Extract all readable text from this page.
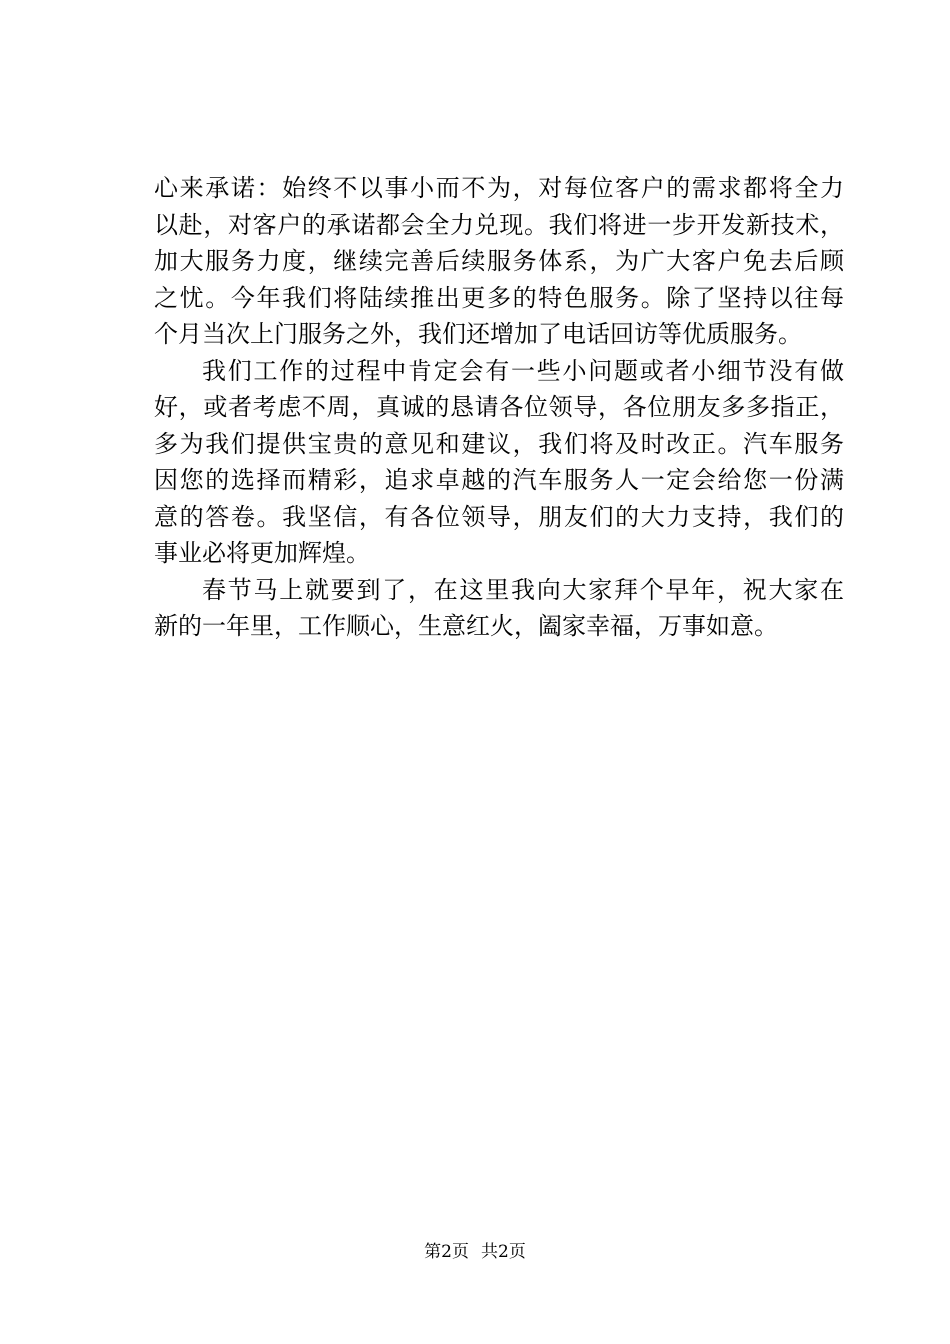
心来承诺：始终不以事小而不为，对每位客户的需求都将全力
以赴，对客户的承诺都会全力兑现。我们将进一步开发新技术，
加大服务力度，继续完善后续服务体系，为广大客户免去后顾
之忧。今年我们将陆续推出更多的特色服务。除了坚持以往每
个月当次上门服务之外，我们还增加了电话回访等优质服务。
我们工作的过程中肯定会有一些小问题或者小细节没有做
好，或者考虑不周，真诚的恳请各位领导，各位朋友多多指正，
多为我们提供宝贵的意见和建议，我们将及时改正。汽车服务
因您的选择而精彩，追求卓越的汽车服务人一定会给您一份满
意的答卷。我坚信，有各位领导，朋友们的大力支持，我们的
事业必将更加辉煌。
春节马上就要到了，在这里我向大家拜个早年，祝大家在
新的一年里，工作顺心，生意红火，阖家幸福，万事如意。
第2页 共2页
